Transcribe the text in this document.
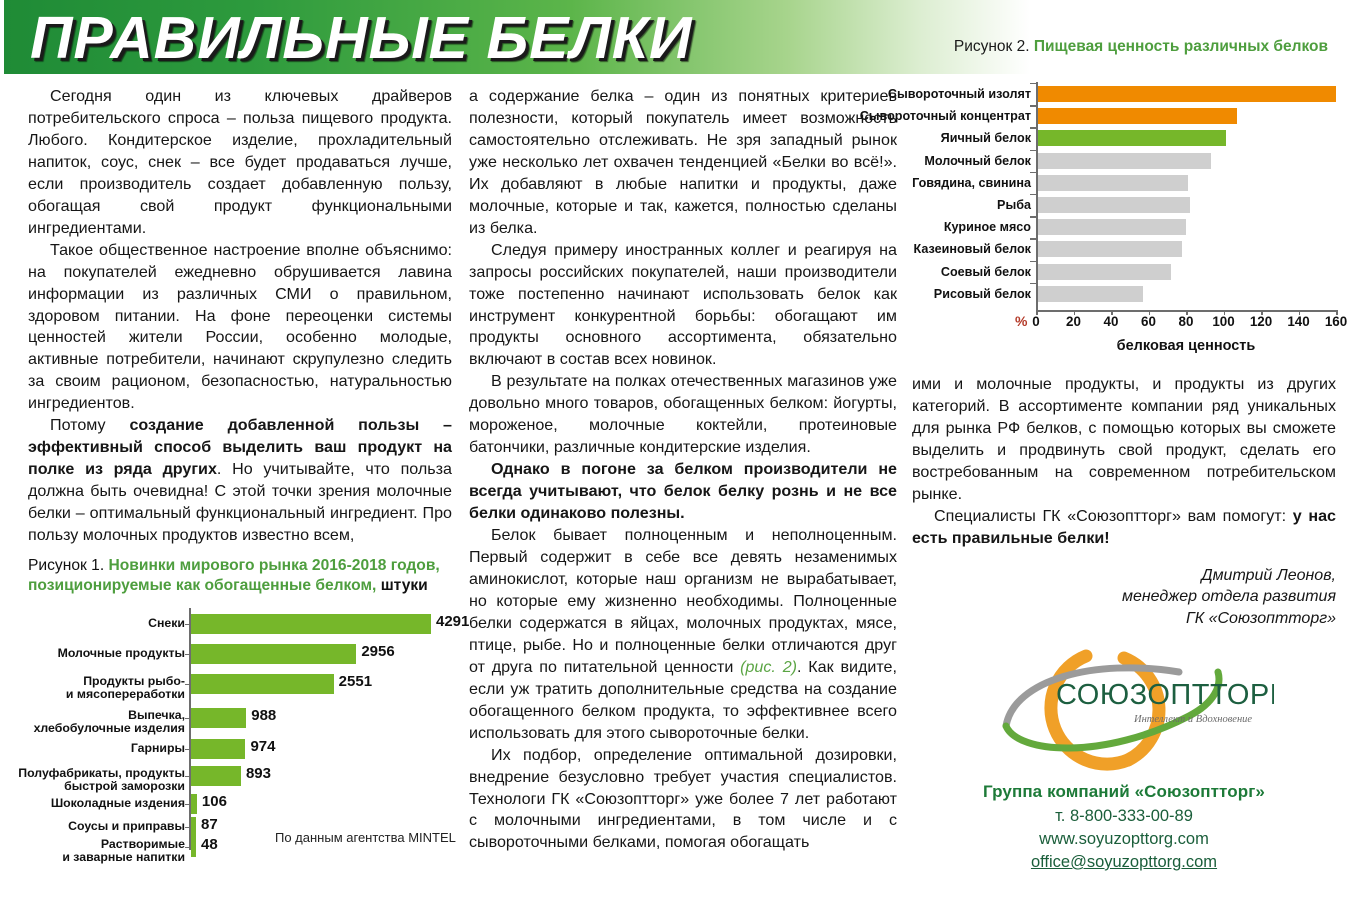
ПРАВИЛЬНЫЕ БЕЛКИ	Рисунок 2. Пищевая ценность различных белков

Сегодня один из ключевых драйверов потребительского спроса – польза пищевого продукта. Любого. Кондитерское изделие, прохладительный напиток, соус, снек – все будет продаваться лучше, если производитель создает добавленную пользу, обогащая свой продукт функциональными ингредиентами.

Такое общественное настроение вполне объяснимо: на покупателей ежедневно обрушивается лавина информации из различных СМИ о правильном, здоровом питании. На фоне переоценки системы ценностей жители России, особенно молодые, активные потребители, начинают скрупулезно следить за своим рационом, безопасностью, натуральностью ингредиентов.

Потому создание добавленной пользы – эффективный способ выделить ваш продукт на полке из ряда других. Но учитывайте, что польза должна быть очевидна! С этой точки зрения молочные белки – оптимальный функциональный ингредиент. Про пользу молочных продуктов известно всем,

Рисунок 1. Новинки мирового рынка 2016-2018 годов, позиционируемые как обогащенные белком, штуки
По данным агентства MINTEL
Снеки	4291
Молочные продукты	2956
Продукты рыбо-
и мясопереработки
2551
Выпечка,
хлебобулочные изделия
988
Гарниры	974
Полуфабрикаты, продукты
быстрой заморозки
893
Шоколадные издения 106
Соусы и приправы 87
Растворимые
и заварные напитки
48
%
белковая ценность
Сывороточный изолят
Сывороточный концентрат
Яичный белок
Молочный белок
Говядина, свинина
Рыба
Куриное мясо
Казеиновый белок
Соевый белок
Рисовый белок
0 20 40 60 80 100 120 140 160

а содержание белка – один из понятных критериев полезности, который покупатель имеет возможность самостоятельно отслеживать. Не зря западный рынок уже несколько лет охвачен тенденцией «Белки во всё!». Их добавляют в любые напитки и продукты, даже молочные, которые и так, кажется, полностью сделаны из белка.

Следуя примеру иностранных коллег и реагируя на запросы российских покупателей, наши производители тоже постепенно начинают использовать белок как инструмент конкурентной борьбы: обогащают им продукты основного ассортимента, обязательно включают в состав всех новинок.

В результате на полках отечественных магазинов уже довольно много товаров, обогащенных белком: йогурты, мороженое, молочные коктейли, протеиновые батончики, различные кондитерские изделия.

Однако в погоне за белком производители не всегда учитывают, что белок белку рознь и не все белки одинаково полезны.

Белок бывает полноценным и неполноценным. Первый содержит в себе все девять незаменимых аминокислот, которые наш организм не вырабатывает, но которые ему жизненно необходимы. Полноценные белки содержатся в яйцах, молочных продуктах, мясе, птице, рыбе. Но и полноценные белки отличаются друг от друга по питательной ценности (рис. 2). Как видите, если уж тратить дополнительные средства на создание обогащенного белком продукта, то эффективнее всего использовать для этого сывороточные белки.

Их подбор, определение оптимальной дозировки, внедрение безусловно требует участия специалистов. Технологи ГК «Союзоптторг» уже более 7 лет работают с молочными ингредиентами, в том числе и с сывороточными белками, помогая обогащать

ими и молочные продукты, и продукты из других категорий. В ассортименте компании ряд уникальных для рынка РФ белков, с помощью которых вы сможете выделить и продвинуть свой продукт, сделать его востребованным на современном потребительском рынке.

Специалисты ГК «Союзоптторг» вам помогут: у нас есть правильные белки!

Дмитрий Леонов,
менеджер отдела развития
ГК «Союзоптторг»
СОЮЗОПТТОРГ
Интеллект и Вдохновение
Группа компаний «Союзоптторг»
т. 8-800-333-00-89
www.soyuzopttorg.com
office@soyuzopttorg.com
